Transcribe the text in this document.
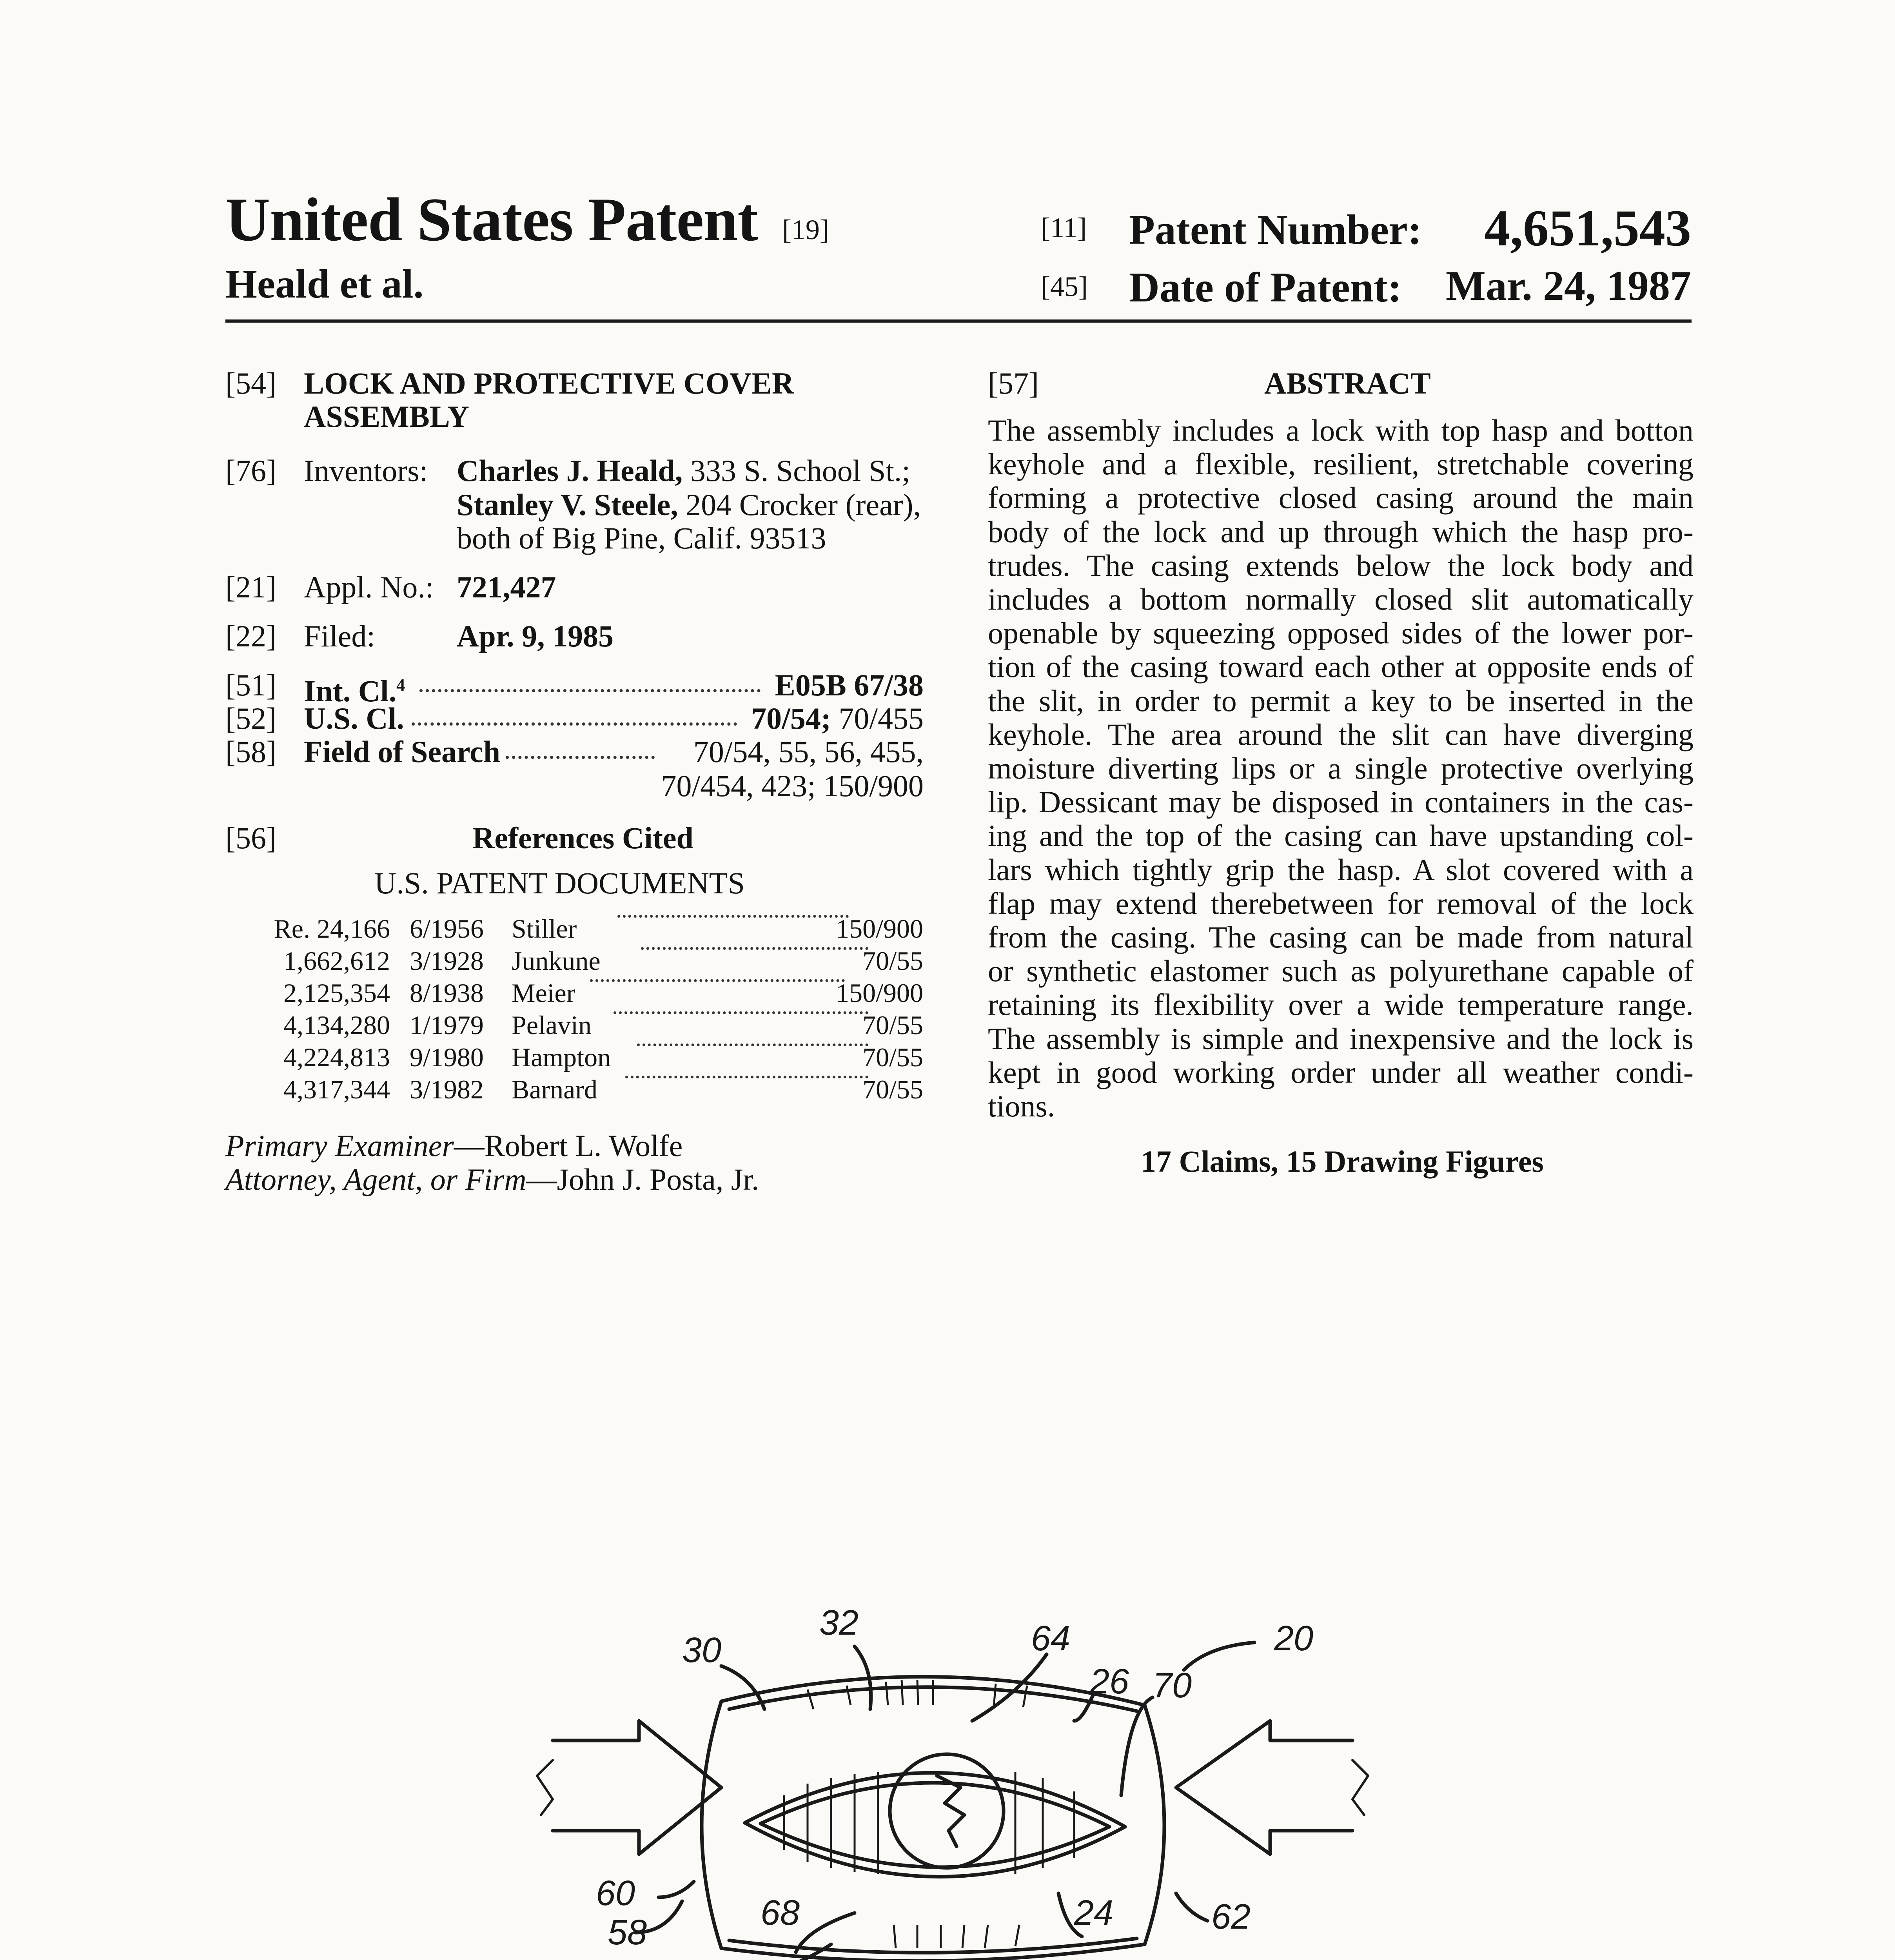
United States Patent [19]
Heald et al.
[11] Patent Number: 4,651,543
[45] Date of Patent: Mar. 24, 1987
[54] LOCK AND PROTECTIVE COVER
ASSEMBLY
[76] Inventors: Charles J. Heald, 333 S. School St.;
Stanley V. Steele, 204 Crocker (rear),
both of Big Pine, Calif. 93513
[21] Appl. No.: 721,427
[22] Filed:	Apr. 9, 1985
[51] Int. Cl.$^4$	E05B 67/38
[52] U.S. Cl.	70/54; 70/455
[58] Field of Search	70/54, 55, 56, 455,
70/454, 423; 150/900
[56]	References Cited
U.S. PATENT DOCUMENTS
Re. 24,166 6/1956 Stiller	150/900
1,662,612 3/1928 Junkune	70/55
2,125,354 8/1938 Meier	150/900
4,134,280 1/1979 Pelavin	70/55
4,224,813 9/1980 Hampton	70/55
4,317,344 3/1982 Barnard	70/55
Primary Examiner—Robert L. Wolfe
Attorney, Agent, or Firm—John J. Posta, Jr.
[57]	ABSTRACT
The assembly includes a lock with top hasp and botton
keyhole and a flexible, resilient, stretchable covering
forming a protective closed casing around the main
body of the lock and up through which the hasp pro-
trudes. The casing extends below the lock body and
includes a bottom normally closed slit automatically
openable by squeezing opposed sides of the lower por-
tion of the casing toward each other at opposite ends of
the slit, in order to permit a key to be inserted in the
keyhole. The area around the slit can have diverging
moisture diverting lips or a single protective overlying
lip. Dessicant may be disposed in containers in the cas-
ing and the top of the casing can have upstanding col-
lars which tightly grip the hasp. A slot covered with a
flap may extend therebetween for removal of the lock
from the casing. The casing can be made from natural
or synthetic elastomer such as polyurethane capable of
retaining its flexibility over a wide temperature range.
The assembly is simple and inexpensive and the lock is
kept in good working order under all weather condi-
tions.
17 Claims, 15 Drawing Figures
30
32	64	20
26 70
60
58	68	24	62
